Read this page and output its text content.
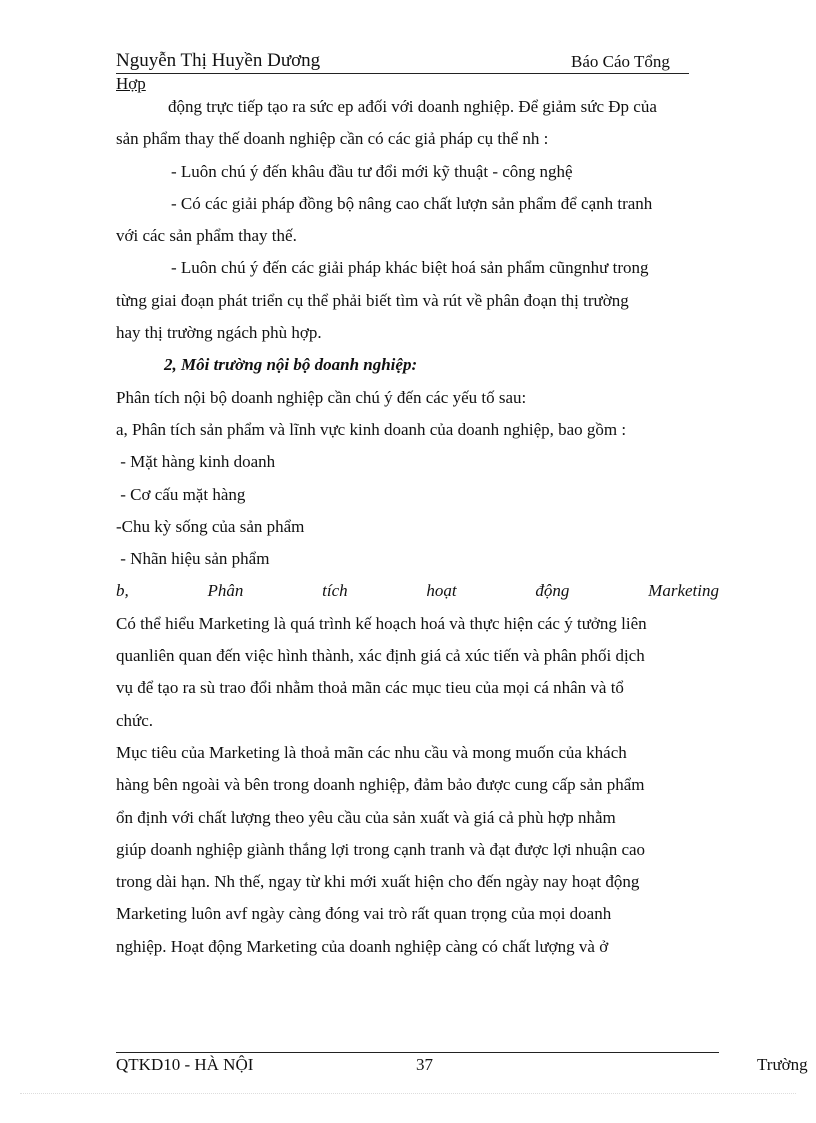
Nguyễn Thị Huyền Dương	Báo Cáo Tổng
Hợp
động trực tiếp tạo ra sức ep ađối với doanh nghiệp. Để giảm sức Đp của
sản phẩm thay thế doanh nghiệp cần có các giả pháp cụ thể nh :
- Luôn chú ý đến khâu đầu tư đổi mới kỹ thuật - công nghệ
- Có các giải pháp đồng bộ nâng cao chất lượn sản phẩm để cạnh tranh
với các sản phẩm thay thế.
- Luôn chú ý đến các giải pháp khác biệt hoá sản phẩm cũngnhư trong
từng giai đoạn phát triển cụ thể phải biết tìm và rút về phân đoạn thị trường
hay thị trường ngách phù hợp.
2, Môi trường nội bộ doanh nghiệp:
Phân tích nội bộ doanh nghiệp cần chú ý đến các yếu tố sau:
a, Phân tích sản phẩm và lĩnh vực kinh doanh của doanh nghiệp, bao gồm :
- Mặt hàng kinh doanh
- Cơ cấu mặt hàng
-Chu kỳ sống của sản phẩm
- Nhãn hiệu sản phẩm
b, Phân tích hoạt động Marketing
Có thể hiểu Marketing là quá trình kế hoạch hoá và thực hiện các ý tưởng liên
quanliên quan đến việc hình thành, xác định giá cả xúc tiến và phân phối dịch
vụ để tạo ra sù trao đổi nhằm thoả mãn các mục tieu của mọi cá nhân và tổ
chức.
Mục tiêu của Marketing là thoả mãn các nhu cầu và mong muốn của khách
hàng bên ngoài và bên trong doanh nghiệp, đảm bảo được cung cấp sản phẩm
ổn định với chất lượng theo yêu cầu của sản xuất và giá cả phù hợp nhằm
giúp doanh nghiệp giành thắng lợi trong cạnh tranh và đạt được lợi nhuận cao
trong dài hạn. Nh thế, ngay từ khi mới xuất hiện cho đến ngày nay hoạt động
Marketing luôn avf ngày càng đóng vai trò rất quan trọng của mọi doanh
nghiệp. Hoạt động Marketing của doanh nghiệp càng có chất lượng và ở
QTKD10 - HÀ NỘI	37	Trường
